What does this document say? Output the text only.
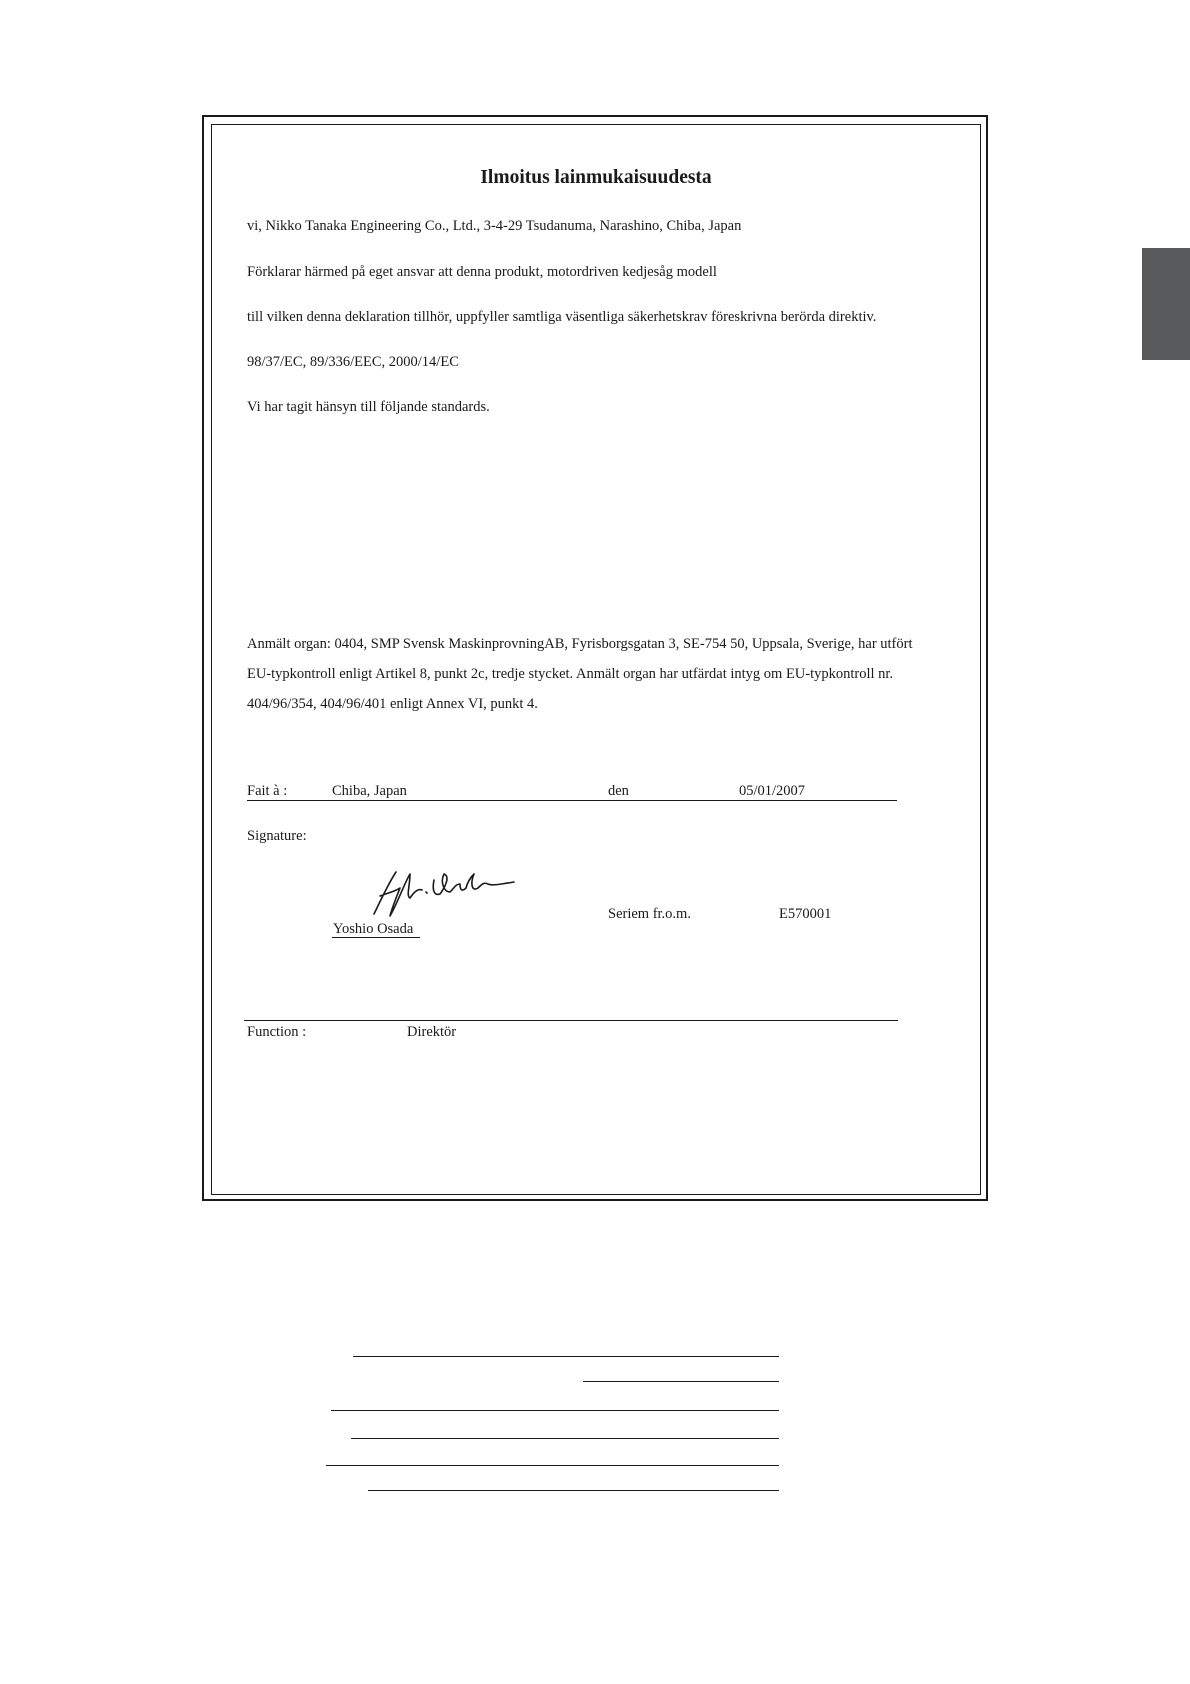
Ilmoitus lainmukaisuudesta
vi, Nikko Tanaka Engineering Co., Ltd., 3-4-29 Tsudanuma, Narashino, Chiba, Japan
Förklarar härmed på eget ansvar att denna produkt, motordriven kedjesåg modell
till vilken denna deklaration tillhör, uppfyller samtliga väsentliga säkerhetskrav föreskrivna berörda direktiv.
98/37/EC, 89/336/EEC, 2000/14/EC
Vi har tagit hänsyn till följande standards.
Anmält organ: 0404, SMP Svensk MaskinprovningAB, Fyrisborgsgatan 3, SE-754 50, Uppsala, Sverige, har utfört
EU-typkontroll enligt Artikel 8, punkt 2c, tredje stycket. Anmält organ har utfärdat intyg om EU-typkontroll nr.
404/96/354, 404/96/401 enligt Annex VI, punkt 4.
Fait à :	Chiba, Japan	den	05/01/2007
Signature:
Yoshio Osada
Seriem fr.o.m.	E570001
Function :	Direktör
